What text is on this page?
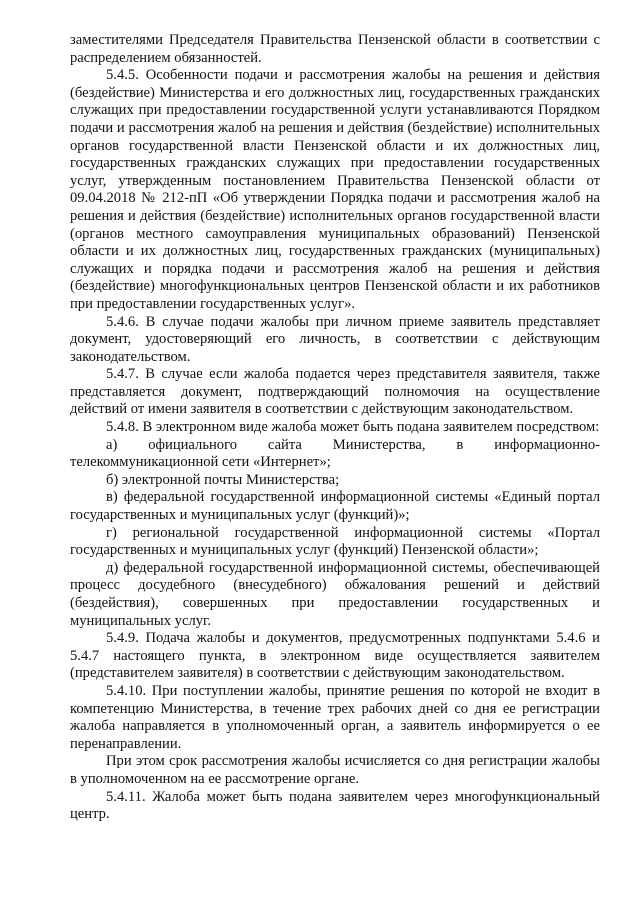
заместителями Председателя Правительства Пензенской области в соответствии с распределением обязанностей.

5.4.5. Особенности подачи и рассмотрения жалобы на решения и действия (бездействие) Министерства и его должностных лиц, государственных гражданских служащих при предоставлении государственной услуги устанавливаются Порядком подачи и рассмотрения жалоб на решения и действия (бездействие) исполнительных органов государственной власти Пензенской области и их должностных лиц, государственных гражданских служащих при предоставлении государственных услуг, утвержденным постановлением Правительства Пензенской области от 09.04.2018 № 212-пП «Об утверждении Порядка подачи и рассмотрения жалоб на решения и действия (бездействие) исполнительных органов государственной власти (органов местного самоуправления муниципальных образований) Пензенской области и их должностных лиц, государственных гражданских (муниципальных) служащих и порядка подачи и рассмотрения жалоб на решения и действия (бездействие) многофункциональных центров Пензенской области и их работников при предоставлении государственных услуг».

5.4.6. В случае подачи жалобы при личном приеме заявитель представляет документ, удостоверяющий его личность, в соответствии с действующим законодательством.

5.4.7. В случае если жалоба подается через представителя заявителя, также представляется документ, подтверждающий полномочия на осуществление действий от имени заявителя в соответствии с действующим законодательством.

5.4.8. В электронном виде жалоба может быть подана заявителем посредством:

а) официального сайта Министерства, в информационно-телекоммуникационной сети «Интернет»;

б) электронной почты Министерства;

в) федеральной государственной информационной системы «Единый портал государственных и муниципальных услуг (функций)»;

г) региональной государственной информационной системы «Портал государственных и муниципальных услуг (функций) Пензенской области»;

д) федеральной государственной информационной системы, обеспечивающей процесс досудебного (внесудебного) обжалования решений и действий (бездействия), совершенных при предоставлении государственных и муниципальных услуг.

5.4.9. Подача жалобы и документов, предусмотренных подпунктами 5.4.6 и 5.4.7 настоящего пункта, в электронном виде осуществляется заявителем (представителем заявителя) в соответствии с действующим законодательством.

5.4.10. При поступлении жалобы, принятие решения по которой не входит в компетенцию Министерства, в течение трех рабочих дней со дня ее регистрации жалоба направляется в уполномоченный орган, а заявитель информируется о ее перенаправлении.

При этом срок рассмотрения жалобы исчисляется со дня регистрации жалобы в уполномоченном на ее рассмотрение органе.

5.4.11. Жалоба может быть подана заявителем через многофункциональный центр.
